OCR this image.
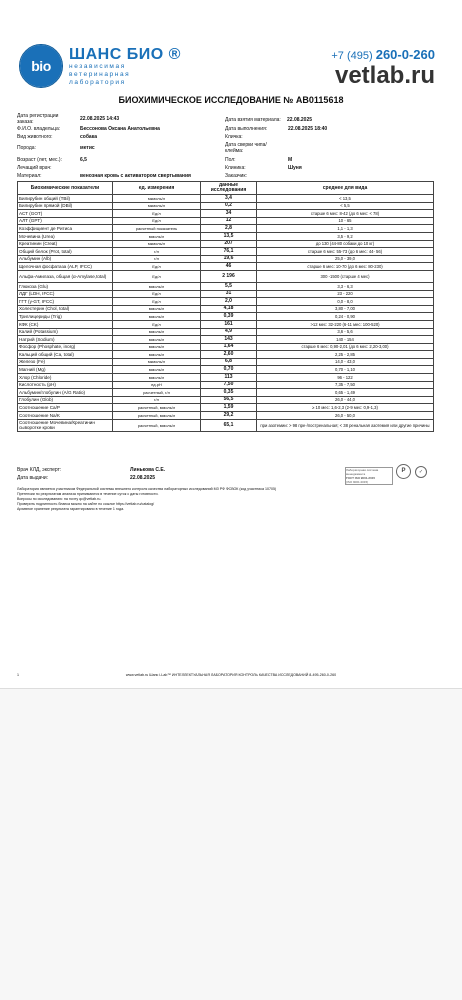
bio
ШАНС БИО ®
независимая
ветеринарная
лаборатория
+7 (495) 260-0-260
vetlab.ru
БИОХИМИЧЕСКОЕ ИССЛЕДОВАНИЕ № АВ0115618
Дата регистрации заказа:	22.08.2025 14:43
Ф.И.О. владельца:	Бессонова Оксана Анатольевна
Вид животного:	собака
Порода:	метис
Возраст (лет, мес.):	6,5
Лечащий врач:
Материал:	венозная кровь с активатором свертывания
Дата взятия материала: 22.08.2025
Дата выполнения:	22.08.2025 18:40
Кличка:
Дата сверки чипа/клейма:
Пол:	М
Клиника:	Шуня
Заказчик:
Биохимические показатели	ед. измерения	данные исследования	среднее для вида
Билирубин общий (TBil)	мкмоль/л	3,4	< 13,5
Билирубин прямой (DBil)	мкмоль/л	0,2	< 5,5
АСТ (GOT)	Ед/л	34	старше 6 мес: 8-42 (до 6 мес: < 78)
АЛТ (GPT)	Ед/л	12	10 - 65
Коэффициент де Ритиса	расчетный показатель	2,8	1,1 - 1,3
Мочевина (Urea)	ммоль/л	13,5	3,5 - 9,2
Креатинин (Creat)	мкмоль/л	207	до 130 (44-80 собаки до 10 кг)
Общий белок (Prot, total)	г/л	76,1	старше 6 мес: 55-73 (до 6 мес: 44- 56)
Альбумин (Alb)	г/л	19,6	25,0 - 39,0
Щелочная фосфатаза (ALP, IFCC)	Ед/л	46	старше 6 мес: 10-70 (до 6 мес: 80-230)
Альфа-Амилаза, общая (α-Amylase,total)	Ед/л	2 196	300 -1500 (старше 4 мес)
Глюкоза (Glu)	ммоль/л	5,5	3,3 - 6,3
ЛДГ (LDH, IFCC)	Ед/л	31	23 - 220
ГГТ (γ-GT, IFCC)	Ед/л	2,0	0,0 - 8,0
Холестерин (Chol, total)	ммоль/л	4,18	3,80 - 7,00
Триглицериды (Trig)	ммоль/л	0,39	0,24 - 0,90
КФК (CK)	Ед/л	161	>12 мес: 32-220 (6-11 мес: 100-520)
Калий (Potassium)	ммоль/л	4,9	3,6 - 5,6
Натрий (Sodium)	ммоль/л	143	140 - 154
Фосфор (Phosphate, inorg)	ммоль/л	1,64	старше 6 мес: 0,90-2,01 (до 6 мес: 2,20-3,00)
Кальций общий (Ca, total)	ммоль/л	2,60	2,25 - 2,85
Железо (Fe)	мкмоль/л	6,8	14,0 - 43,0
Магний (Mg)	ммоль/л	0,70	0,70 - 1,10
Хлор (Chloride)	ммоль/л	113	96 - 122
Кислотность (pH)	ед.pH	7,50	7,35 - 7,50
Альбумин/глобулин (A/G Ratio)	расчетный, г/л	0,35	0,65 - 1,49
Глобулин (Glob)	г/л	56,5	26,0 - 44,0
Соотношение Ca/P	расчетный, ммоль/л	1,59	≥ 10 мес: 1,6-2,3 (2-9 мес: 0,9-1,3)
Соотношение Na/K	расчетный, ммоль/л	29,2	26,0 - 50,0
Соотношение Мочевина/Креатинин сыворотке крови	расчетный, ммоль/л	65,1	при азотемии: > 98 пре-/постренальная; < 38 ренальная азотемия или другие причины
Врач КЛД, эксперт:	Линькова С.Е.
Дата выдачи:	22.08.2025
Лабораторная система менеджмента
ГОСТ ISO 9001-2015
(ISO 9001:2015)
P	✓
Лаборатория является участником Федеральной системы внешнего контроля качества лабораторных исследований МЗ РФ ФСВОК (код участника 10705)
Претензии по результатам анализа принимаются в течение суток с даты готовности.
Вопросы по исследованию: на почту qc@vetlab.ru.
Проверить подлинность бланка можно на сайте по ссылке https://vetlab.ru/catalog/
Архивное хранение результата гарантировано в течение 1 года.
1	www.vetlab.ru Шанс i-Lab™ ИНТЕЛЛЕКТУАЛЬНАЯ ЛАБОРАТОРИЯ КОНТРОЛЬ КАЧЕСТВА ИССЛЕДОВАНИЙ 8-495-260-0-260
